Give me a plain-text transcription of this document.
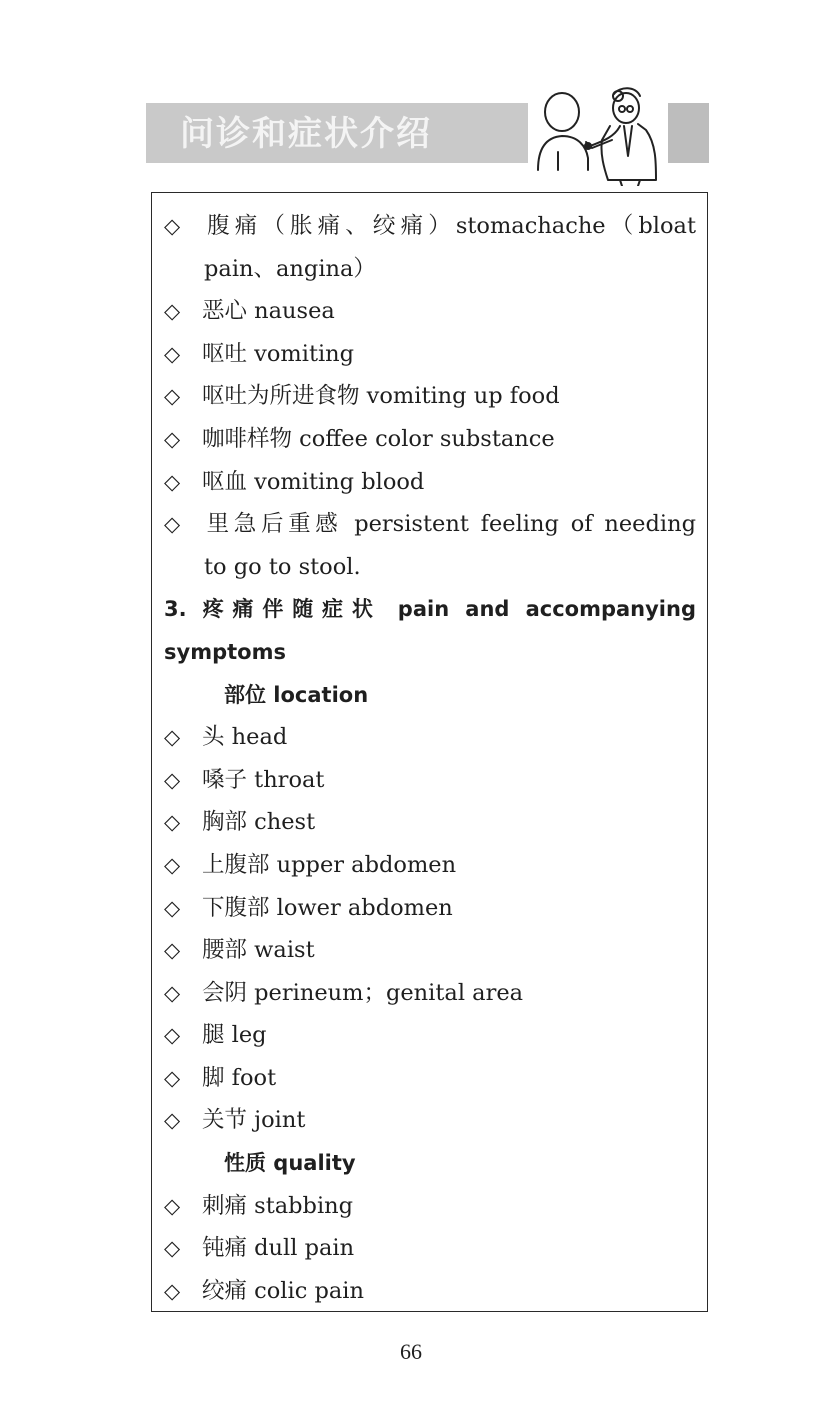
问诊和症状介绍
◇ 腹痛（胀痛、绞痛）stomachache（bloat
pain、angina）
◇ 恶心 nausea
◇ 呕吐 vomiting
◇ 呕吐为所进食物 vomiting up food
◇ 咖啡样物 coffee color substance
◇ 呕血 vomiting blood
◇ 里急后重感 persistent feeling of needing
to go to stool.
3. 疼痛伴随症状 pain and accompanying
symptoms
部位 location
◇ 头 head
◇ 嗓子 throat
◇ 胸部 chest
◇ 上腹部 upper abdomen
◇ 下腹部 lower abdomen
◇ 腰部 waist
◇ 会阴 perineum；genital area
◇ 腿 leg
◇ 脚 foot
◇ 关节 joint
性质 quality
◇ 刺痛 stabbing
◇ 钝痛 dull pain
◇ 绞痛 colic pain
66
